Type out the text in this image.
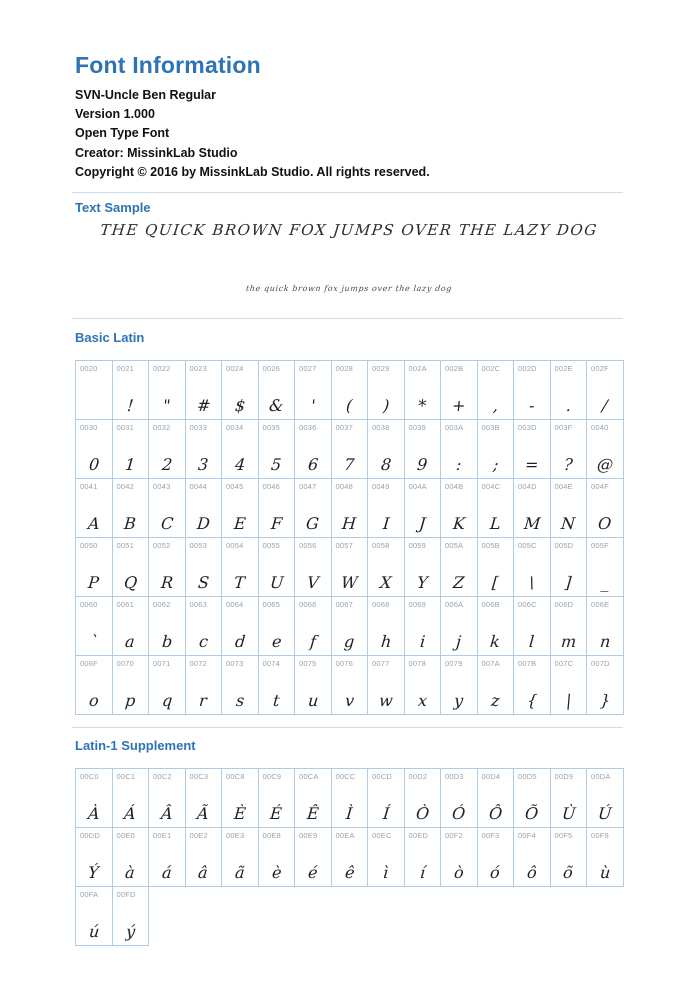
Font Information
SVN-Uncle Ben Regular
Version 1.000
Open Type Font
Creator: MissinkLab Studio
Copyright © 2016 by MissinkLab Studio. All rights reserved.
Text Sample
THE QUICK BROWN FOX JUMPS OVER THE LAZY DOG
the quick brown fox jumps over the lazy dog
Basic Latin
0020	0021
!
0022
"
0023
#
0024
$
0026
&
0027
'
0028
(
0029
)
002A
*
002B
+
002C
,
002D
-
002E
.
002F
/
0030
0
0031
1
0032
2
0033
3
0034
4
0035
5
0036
6
0037
7
0038
8
0039
9
003A
:
003B
;
003D
=
003F
?
0040
@
0041
A
0042
B
0043
C
0044
D
0045
E
0046
F
0047
G
0048
H
0049
I
004A
J
004B
K
004C
L
004D
M
004E
N
004F
O
0050
P
0051
Q
0052
R
0053
S
0054
T
0055
U
0056
V
0057
W
0058
X
0059
Y
005A
Z
005B
[
005C
\
005D
]
005F
_
0060
`
0061
a
0062
b
0063
c
0064
d
0065
e
0066
f
0067
g
0068
h
0069
i
006A
j
006B
k
006C
l
006D
m
006E
n
006F
o
0070
p
0071
q
0072
r
0073
s
0074
t
0075
u
0076
v
0077
w
0078
x
0079
y
007A
z
007B
{
007C
|
007D
}
Latin-1 Supplement
00C0
À
00C1
Á
00C2
Â
00C3
Ã
00C8
È
00C9
É
00CA
Ê
00CC
Ì
00CD
Í
00D2
Ò
00D3
Ó
00D4
Ô
00D5
Õ
00D9
Ù
00DA
Ú
00DD
Ý
00E0
à
00E1
á
00E2
â
00E3
ã
00E8
è
00E9
é
00EA
ê
00EC
ì
00ED
í
00F2
ò
00F3
ó
00F4
ô
00F5
õ
00F9
ù
00FA
ú
00FD
ý
